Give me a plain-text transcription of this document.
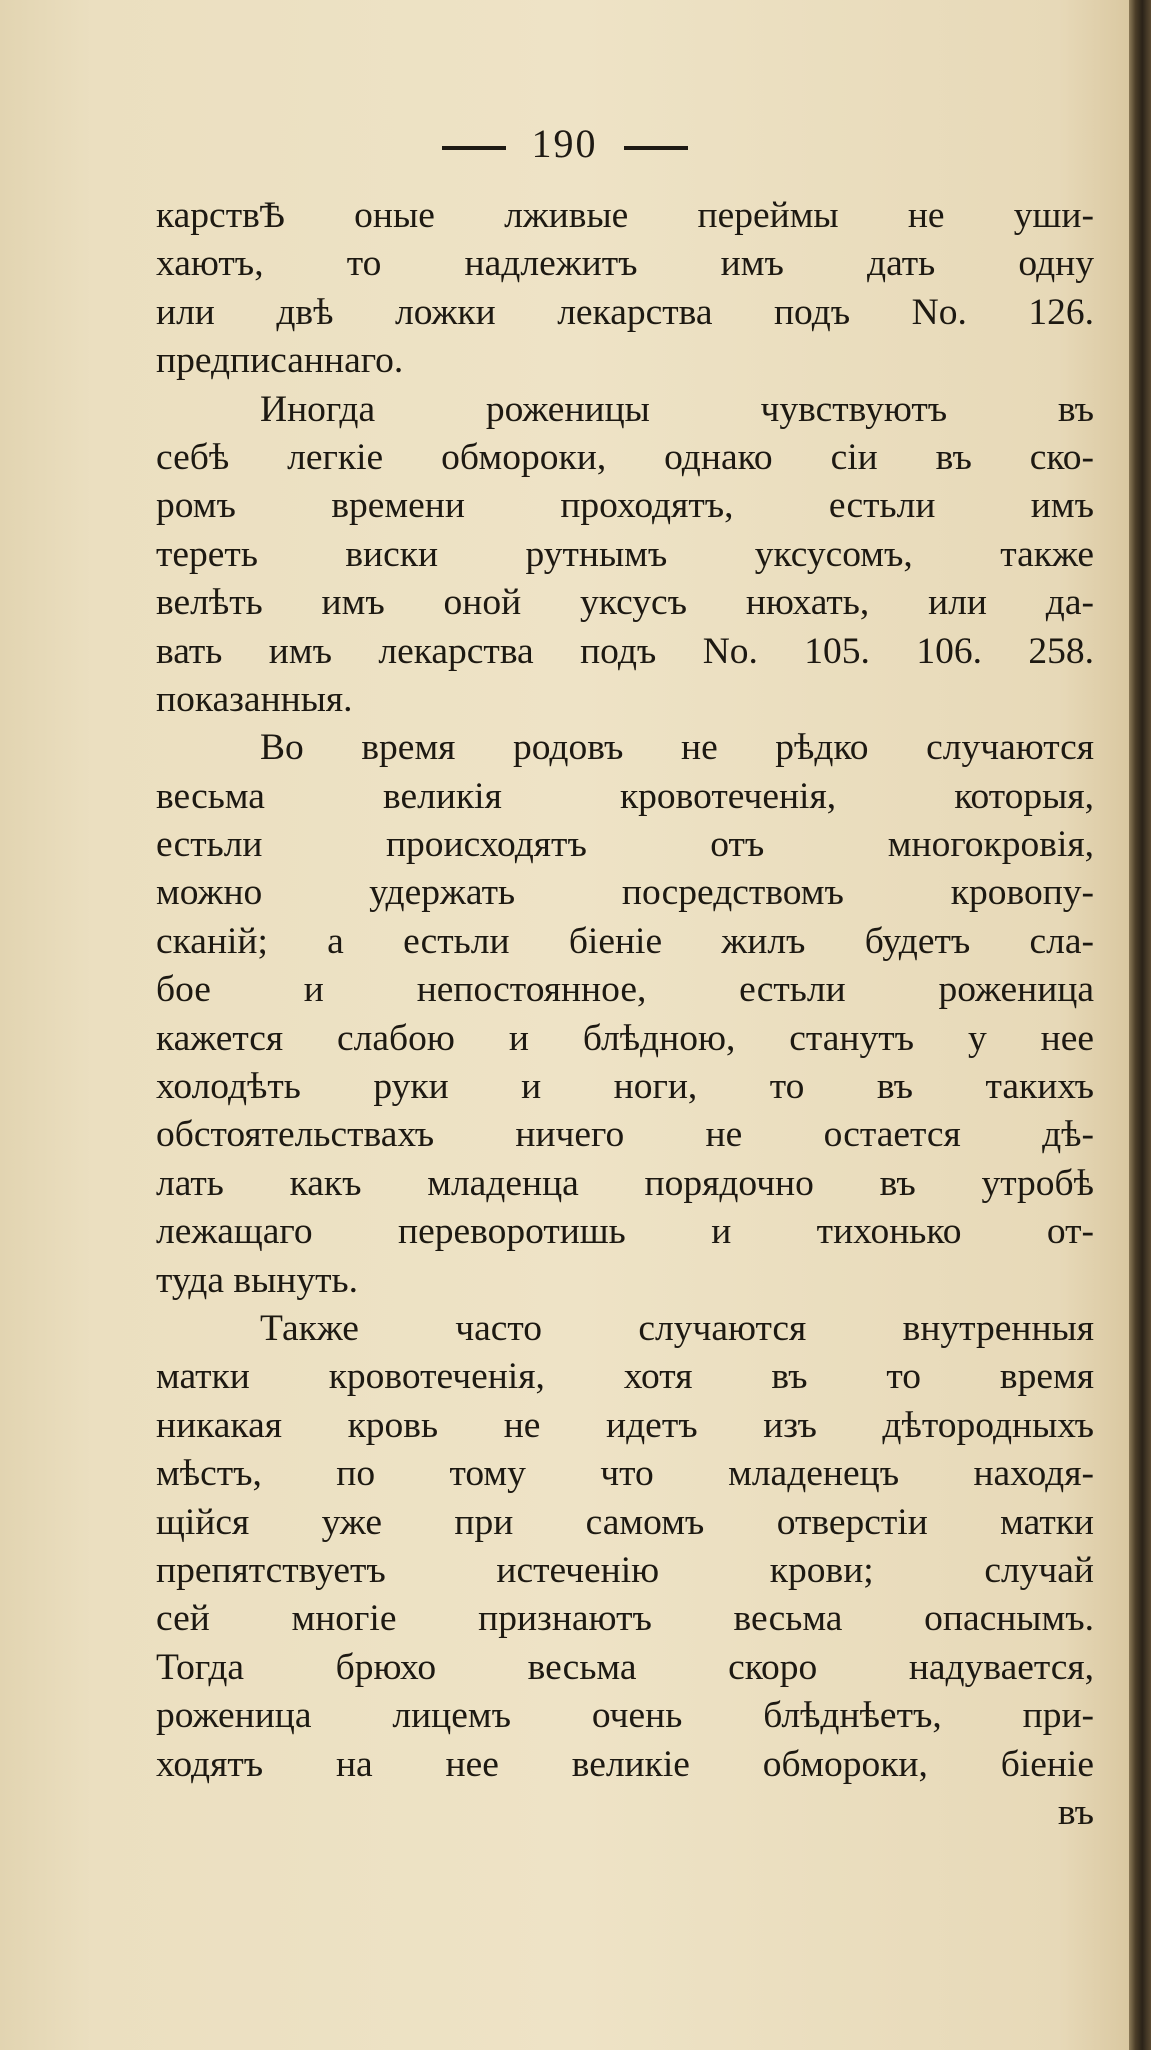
190
карствѢ оные лживые переймы не уши-
хаютъ, то надлежитъ имъ дать одну
или двѣ ложки лекарства подъ No. 126.
предписаннаго.
Иногда роженицы чувствуютъ въ
себѣ легкіе обмороки, однако сіи въ ско-
ромъ времени проходятъ, естьли имъ
тереть виски рутнымъ уксусомъ, также
велѣть имъ оной уксусъ нюхать, или да-
вать имъ лекарства подъ No. 105. 106. 258.
показанныя.
Во время родовъ не рѣдко случаются
весьма великія кровотеченія, которыя,
естьли происходятъ отъ многокровія,
можно удержать посредствомъ кровопу-
сканій; а естьли біеніе жилъ будетъ сла-
бое и непостоянное, естьли роженица
кажется слабою и блѣдною, станутъ у нее
холодѣть руки и ноги, то въ такихъ
обстоятельствахъ ничего не остается дѣ-
лать какъ младенца порядочно въ утробѣ
лежащаго переворотишь и тихонько от-
туда вынуть.
Также часто случаются внутренныя
матки кровотеченія, хотя въ то время
никакая кровь не идетъ изъ дѣтородныхъ
мѣстъ, по тому что младенецъ находя-
щійся уже при самомъ отверстіи матки
препятствуетъ истеченію крови; случай
сей многіе признаютъ весьма опаснымъ.
Тогда брюхо весьма скоро надувается,
роженица лицемъ очень блѣднѣетъ, при-
ходятъ на нее великіе обмороки, біеніе
въ
